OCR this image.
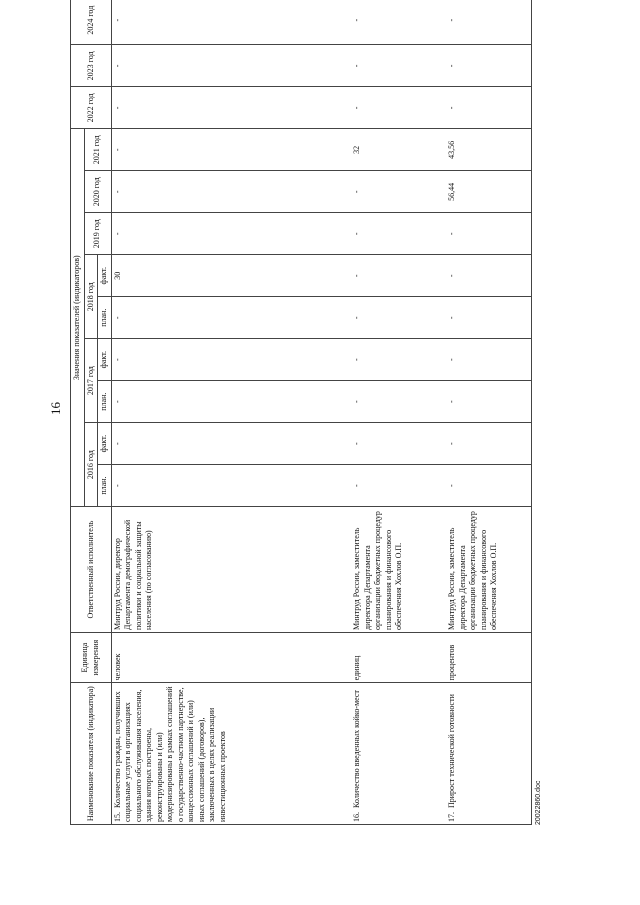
16
Наименование показателя (индикатора)	Единица измерения	Ответственный исполнитель	Значения показателей (индикаторов)									2022 год	2023 год	2024 год
			2016 год		2017 год		2018 год		2019 год	2020 год	2021 год			
			план.	факт.	план.	факт.	план.	факт.						
15.Количество граждан, получивших социальные услуги в организациях социального обслуживания населения, здания которых построены, реконструированы и (или) модернизированы в рамках соглашений о государственно-частном партнерстве, концессионных соглашений и (или) иных соглашений (договоров), заключенных в целях реализации инвестиционных проектов	человек	Минтруд России, директор Департамента демографической политики и социальной защиты населения (по согласованию)	-	-	-	-	-	30	-	-	-	-	-	-
16.Количество введенных койко-мест	единиц	Минтруд России, заместитель директора Департамента организации бюджетных процедур планирования и финансового обеспечения Хохлов О.П.	-	-	-	-	-	-	-	-	32	-	-	-
17.Прирост технической готовности	процентов	Минтруд России, заместитель директора Департамента организации бюджетных процедур планирования и финансового обеспечения Хохлов О.П.	-	-	-	-	-	-	-	56,44	43,56	-	-	-
20022860.doc
